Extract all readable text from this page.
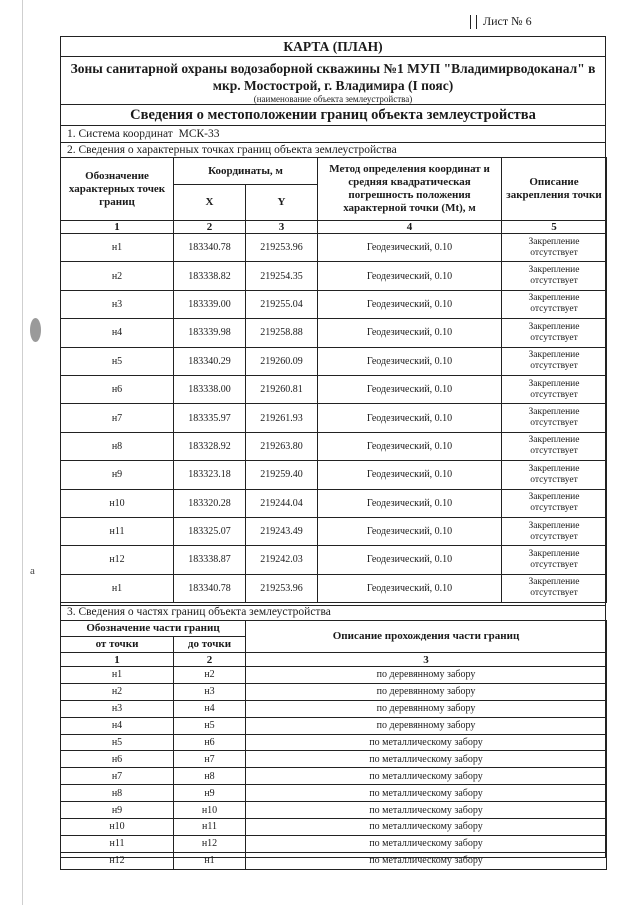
a
Лист № 6
КАРТА (ПЛАН)
Зоны санитарной охраны водозаборной скважины №1 МУП "Владимирводоканал" в
мкр. Мостострой, г. Владимира (I пояс)
(наименование объекта землеустройства)
Сведения о местоположении границ объекта землеустройства
1. Система координат МСК-33
2. Сведения о характерных точках границ объекта землеустройства
Обозначение характерных точек границ	Координаты, м		Метод определения координат и средняя квадратическая погрешность положения характерной точки (Mt), м	Описание закрепления точки
	X	Y		
1	2	3	4	5
н1	183340.78	219253.96	Геодезический, 0.10	Закрепление
отсутствует

н2	183338.82	219254.35	Геодезический, 0.10	Закрепление
отсутствует

н3	183339.00	219255.04	Геодезический, 0.10	Закрепление
отсутствует

н4	183339.98	219258.88	Геодезический, 0.10	Закрепление
отсутствует

н5	183340.29	219260.09	Геодезический, 0.10	Закрепление
отсутствует

н6	183338.00	219260.81	Геодезический, 0.10	Закрепление
отсутствует

н7	183335.97	219261.93	Геодезический, 0.10	Закрепление
отсутствует

н8	183328.92	219263.80	Геодезический, 0.10	Закрепление
отсутствует

н9	183323.18	219259.40	Геодезический, 0.10	Закрепление
отсутствует

н10	183320.28	219244.04	Геодезический, 0.10	Закрепление
отсутствует

н11	183325.07	219243.49	Геодезический, 0.10	Закрепление
отсутствует

н12	183338.87	219242.03	Геодезический, 0.10	Закрепление
отсутствует

н1	183340.78	219253.96	Геодезический, 0.10	Закрепление
отсутствует
3. Сведения о частях границ объекта землеустройства
Обозначение части границ		Описание прохождения части границ
от точки	до точки	
1	2	3
н1	н2	по деревянному забору
н2	н3	по деревянному забору
н3	н4	по деревянному забору
н4	н5	по деревянному забору
н5	н6	по металлическому забору
н6	н7	по металлическому забору
н7	н8	по металлическому забору
н8	н9	по металлическому забору
н9	н10	по металлическому забору
н10	н11	по металлическому забору
н11	н12	по металлическому забору
н12	н1	по металлическому забору
